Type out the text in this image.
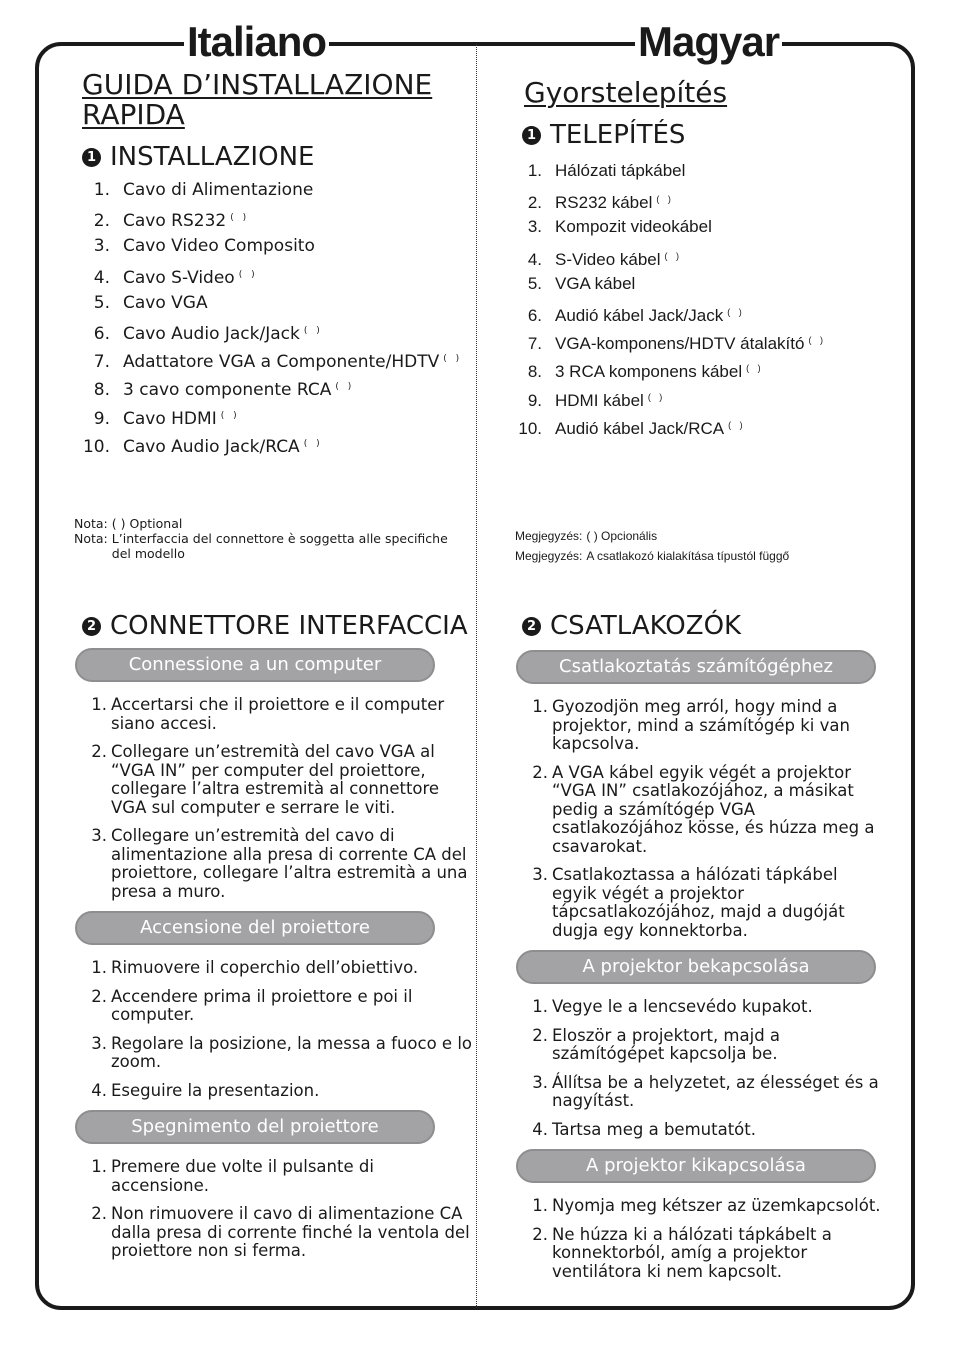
Italiano	Magyar
GUIDA D’INSTALLAZIONE
RAPIDA
1 INSTALLAZIONE
1. Cavo di Alimentazione
2. Cavo RS232 ( )
3. Cavo Video Composito
4. Cavo S-Video ( )
5. Cavo VGA
6. Cavo Audio Jack/Jack ( )
7. Adattatore VGA a Componente/HDTV ( )
8. 3 cavo componente RCA ( )
9. Cavo HDMI ( )
10. Cavo Audio Jack/RCA ( )
Nota: ( ) Optional
Nota: L’interfaccia del connettore è soggetta alle specifiche del modello
2 CONNETTORE INTERFACCIA
Connessione a un computer
1. Accertarsi che il proiettore e il computer siano accesi.
2. Collegare un’estremità del cavo VGA al “VGA IN” per computer del proiettore, collegare l’altra estremità al connettore VGA sul computer e serrare le viti.
3. Collegare un’estremità del cavo di alimentazione alla presa di corrente CA del proiettore, collegare l’altra estremità a una presa a muro.
Accensione del proiettore
1. Rimuovere il coperchio dell’obiettivo.
2. Accendere prima il proiettore e poi il computer.
3. Regolare la posizione, la messa a fuoco e lo zoom.
4. Eseguire la presentazion.
Spegnimento del proiettore
1. Premere due volte il pulsante di accensione.
2. Non rimuovere il cavo di alimentazione CA dalla presa di corrente finché la ventola del proiettore non si ferma.
Gyorstelepítés
1 TELEPÍTÉS
1. Hálózati tápkábel
2. RS232 kábel ( )
3. Kompozit videokábel
4. S-Video kábel ( )
5. VGA kábel
6. Audió kábel Jack/Jack ( )
7. VGA-komponens/HDTV átalakító ( )
8. 3 RCA komponens kábel ( )
9. HDMI kábel ( )
10. Audió kábel Jack/RCA ( )
Megjegyzés: ( ) Opcionális
Megjegyzés: A csatlakozó kialakítása típustól függő
2 CSATLAKOZÓK
Csatlakoztatás számítógéphez
1. Gyozodjön meg arról, hogy mind a projektor, mind a számítógép ki van kapcsolva.
2. A VGA kábel egyik végét a projektor “VGA IN” csatlakozójához, a másikat pedig a számítógép VGA csatlakozójához kösse, és húzza meg a csavarokat.
3. Csatlakoztassa a hálózati tápkábel egyik végét a projektor tápcsatlakozójához, majd a dugóját dugja egy konnektorba.
A projektor bekapcsolása
1. Vegye le a lencsevédo kupakot.
2. Eloször a projektort, majd a számítógépet kapcsolja be.
3. Állítsa be a helyzetet, az élességet és a nagyítást.
4. Tartsa meg a bemutatót.
A projektor kikapcsolása
1. Nyomja meg kétszer az üzemkapcsolót.
2. Ne húzza ki a hálózati tápkábelt a konnektorból, amíg a projektor ventilátora ki nem kapcsolt.
